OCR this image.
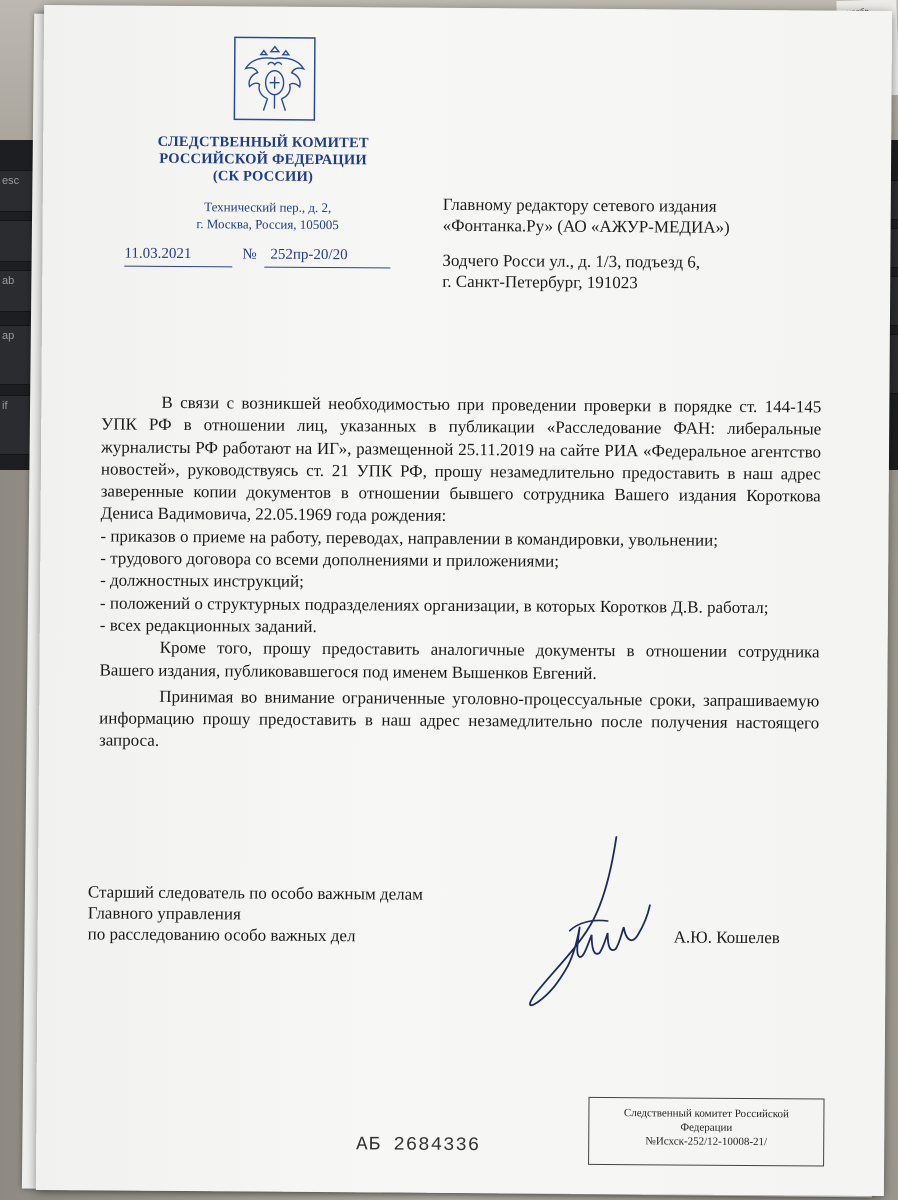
esc
ab
ap
if
СЛЕДСТВЕННЫЙ КОМИТЕТ
РОССИЙСКОЙ ФЕДЕРАЦИИ
(СК РОССИИ)
Технический пер., д. 2,
г. Москва, Россия, 105005
11.03.2021	№ 252пр-20/20
Главному редактору сетевого издания
«Фонтанка.Ру» (АО «АЖУР-МЕДИА»)
Зодчего Росси ул., д. 1/3, подъезд 6,
г. Санкт-Петербург, 191023

В связи с возникшей необходимостью при проведении проверки в порядке ст. 144-145 УПК РФ в отношении лиц, указанных в публикации «Расследование ФАН: либеральные журналисты РФ работают на ИГ», размещенной 25.11.2019 на сайте РИА «Федеральное агентство новостей», руководствуясь ст. 21 УПК РФ, прошу незамедлительно предоставить в наш адрес заверенные копии документов в отношении бывшего сотрудника Вашего издания Короткова Дениса Вадимовича, 22.05.1969 года рождения:

- приказов о приеме на работу, переводах, направлении в командировки, увольнении;

- трудового договора со всеми дополнениями и приложениями;

- должностных инструкций;

- положений о структурных подразделениях организации, в которых Коротков Д.В. работал;

- всех редакционных заданий.

Кроме того, прошу предоставить аналогичные документы в отношении сотрудника Вашего издания, публиковавшегося под именем Вышенков Евгений.

Принимая во внимание ограниченные уголовно-процессуальные сроки, запрашиваемую информацию прошу предоставить в наш адрес незамедлительно после получения настоящего запроса.

Старший следователь по особо важным делам
Главного управления
по расследованию особо важных дел	А.Ю. Кошелев
АБ 2684336
Следственный комитет Российской
Федерации
№Исхск-252/12-10008-21/
